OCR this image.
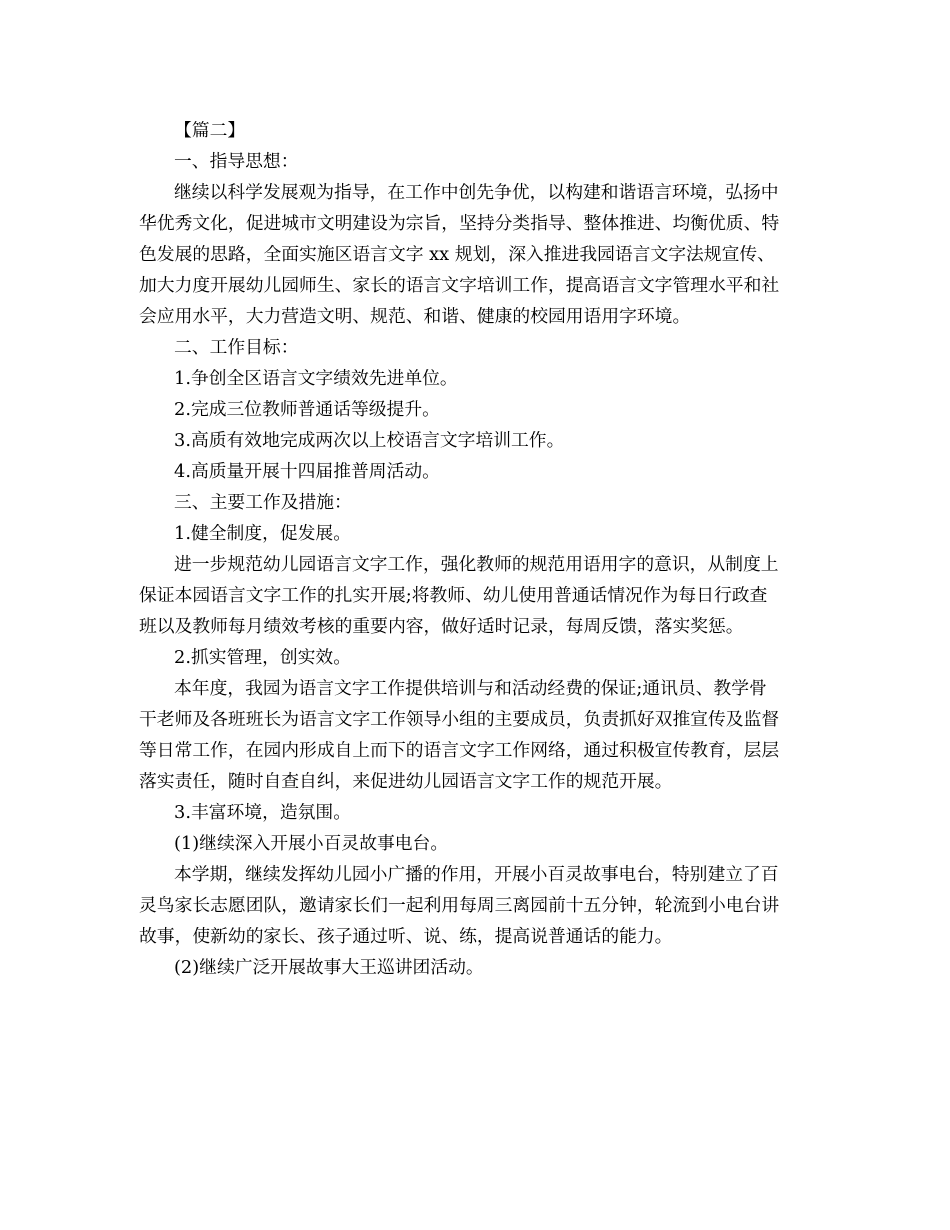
【篇二】
一、指导思想：
继续以科学发展观为指导，在工作中创先争优，以构建和谐语言环境，弘扬中
华优秀文化，促进城市文明建设为宗旨，坚持分类指导、整体推进、均衡优质、特
色发展的思路，全面实施区语言文字 xx 规划，深入推进我园语言文字法规宣传、
加大力度开展幼儿园师生、家长的语言文字培训工作，提高语言文字管理水平和社
会应用水平，大力营造文明、规范、和谐、健康的校园用语用字环境。
二、工作目标：
1.争创全区语言文字绩效先进单位。
2.完成三位教师普通话等级提升。
3.高质有效地完成两次以上校语言文字培训工作。
4.高质量开展十四届推普周活动。
三、主要工作及措施：
1.健全制度，促发展。
进一步规范幼儿园语言文字工作，强化教师的规范用语用字的意识，从制度上
保证本园语言文字工作的扎实开展;将教师、幼儿使用普通话情况作为每日行政查
班以及教师每月绩效考核的重要内容，做好适时记录，每周反馈，落实奖惩。
2.抓实管理，创实效。
本年度，我园为语言文字工作提供培训与和活动经费的保证;通讯员、教学骨
干老师及各班班长为语言文字工作领导小组的主要成员，负责抓好双推宣传及监督
等日常工作，在园内形成自上而下的语言文字工作网络，通过积极宣传教育，层层
落实责任，随时自查自纠，来促进幼儿园语言文字工作的规范开展。
3.丰富环境，造氛围。
(1)继续深入开展小百灵故事电台。
本学期，继续发挥幼儿园小广播的作用，开展小百灵故事电台，特别建立了百
灵鸟家长志愿团队，邀请家长们一起利用每周三离园前十五分钟，轮流到小电台讲
故事，使新幼的家长、孩子通过听、说、练，提高说普通话的能力。
(2)继续广泛开展故事大王巡讲团活动。
